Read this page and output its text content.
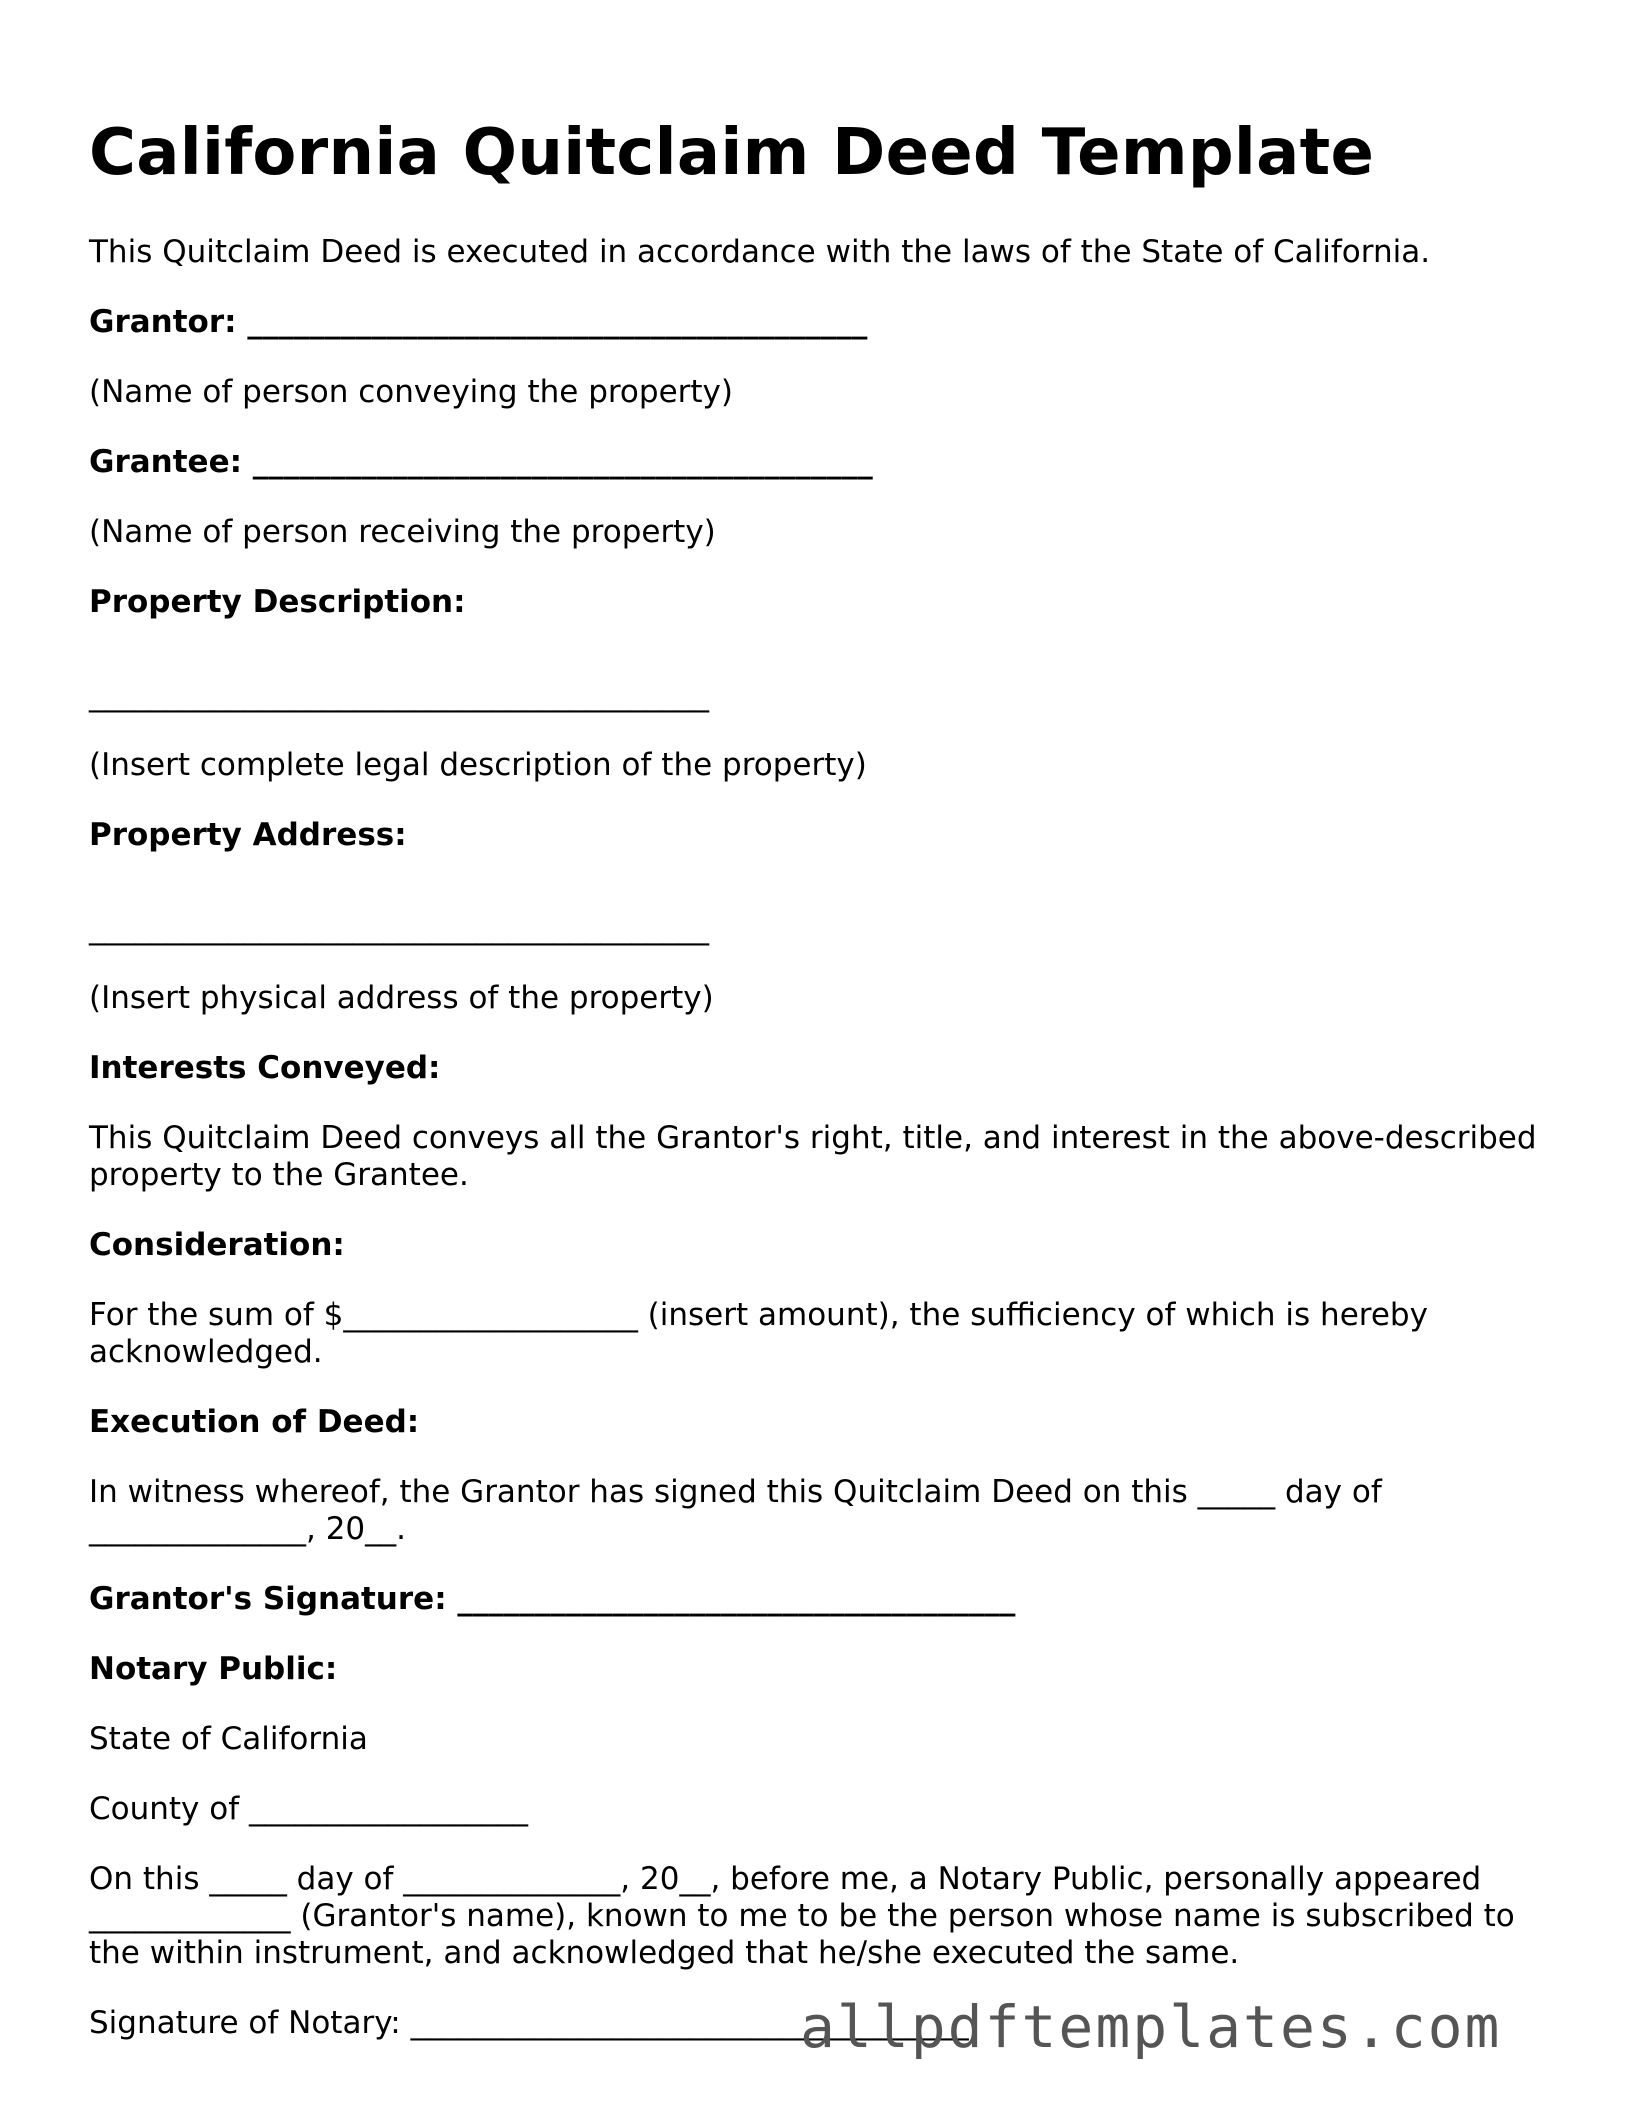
California Quitclaim Deed Template

This Quitclaim Deed is executed in accordance with the laws of the State of California.

Grantor: ________________________________________

(Name of person conveying the property)

Grantee: ________________________________________

(Name of person receiving the property)

Property Description:

________________________________________

(Insert complete legal description of the property)

Property Address:

________________________________________

(Insert physical address of the property)

Interests Conveyed:

This Quitclaim Deed conveys all the Grantor's right, title, and interest in the above-described property to the Grantee.

Consideration:

For the sum of $___________________ (insert amount), the sufficiency of which is hereby acknowledged.

Execution of Deed:

In witness whereof, the Grantor has signed this Quitclaim Deed on this _____ day of ______________, 20__.

Grantor's Signature: ____________________________________

Notary Public:

State of California

County of __________________

On this _____ day of ______________, 20__, before me, a Notary Public, personally appeared _____________ (Grantor's name), known to me to be the person whose name is subscribed to the within instrument, and acknowledged that he/she executed the same.

Signature of Notary: ____________________________________

allpdftemplates.com
